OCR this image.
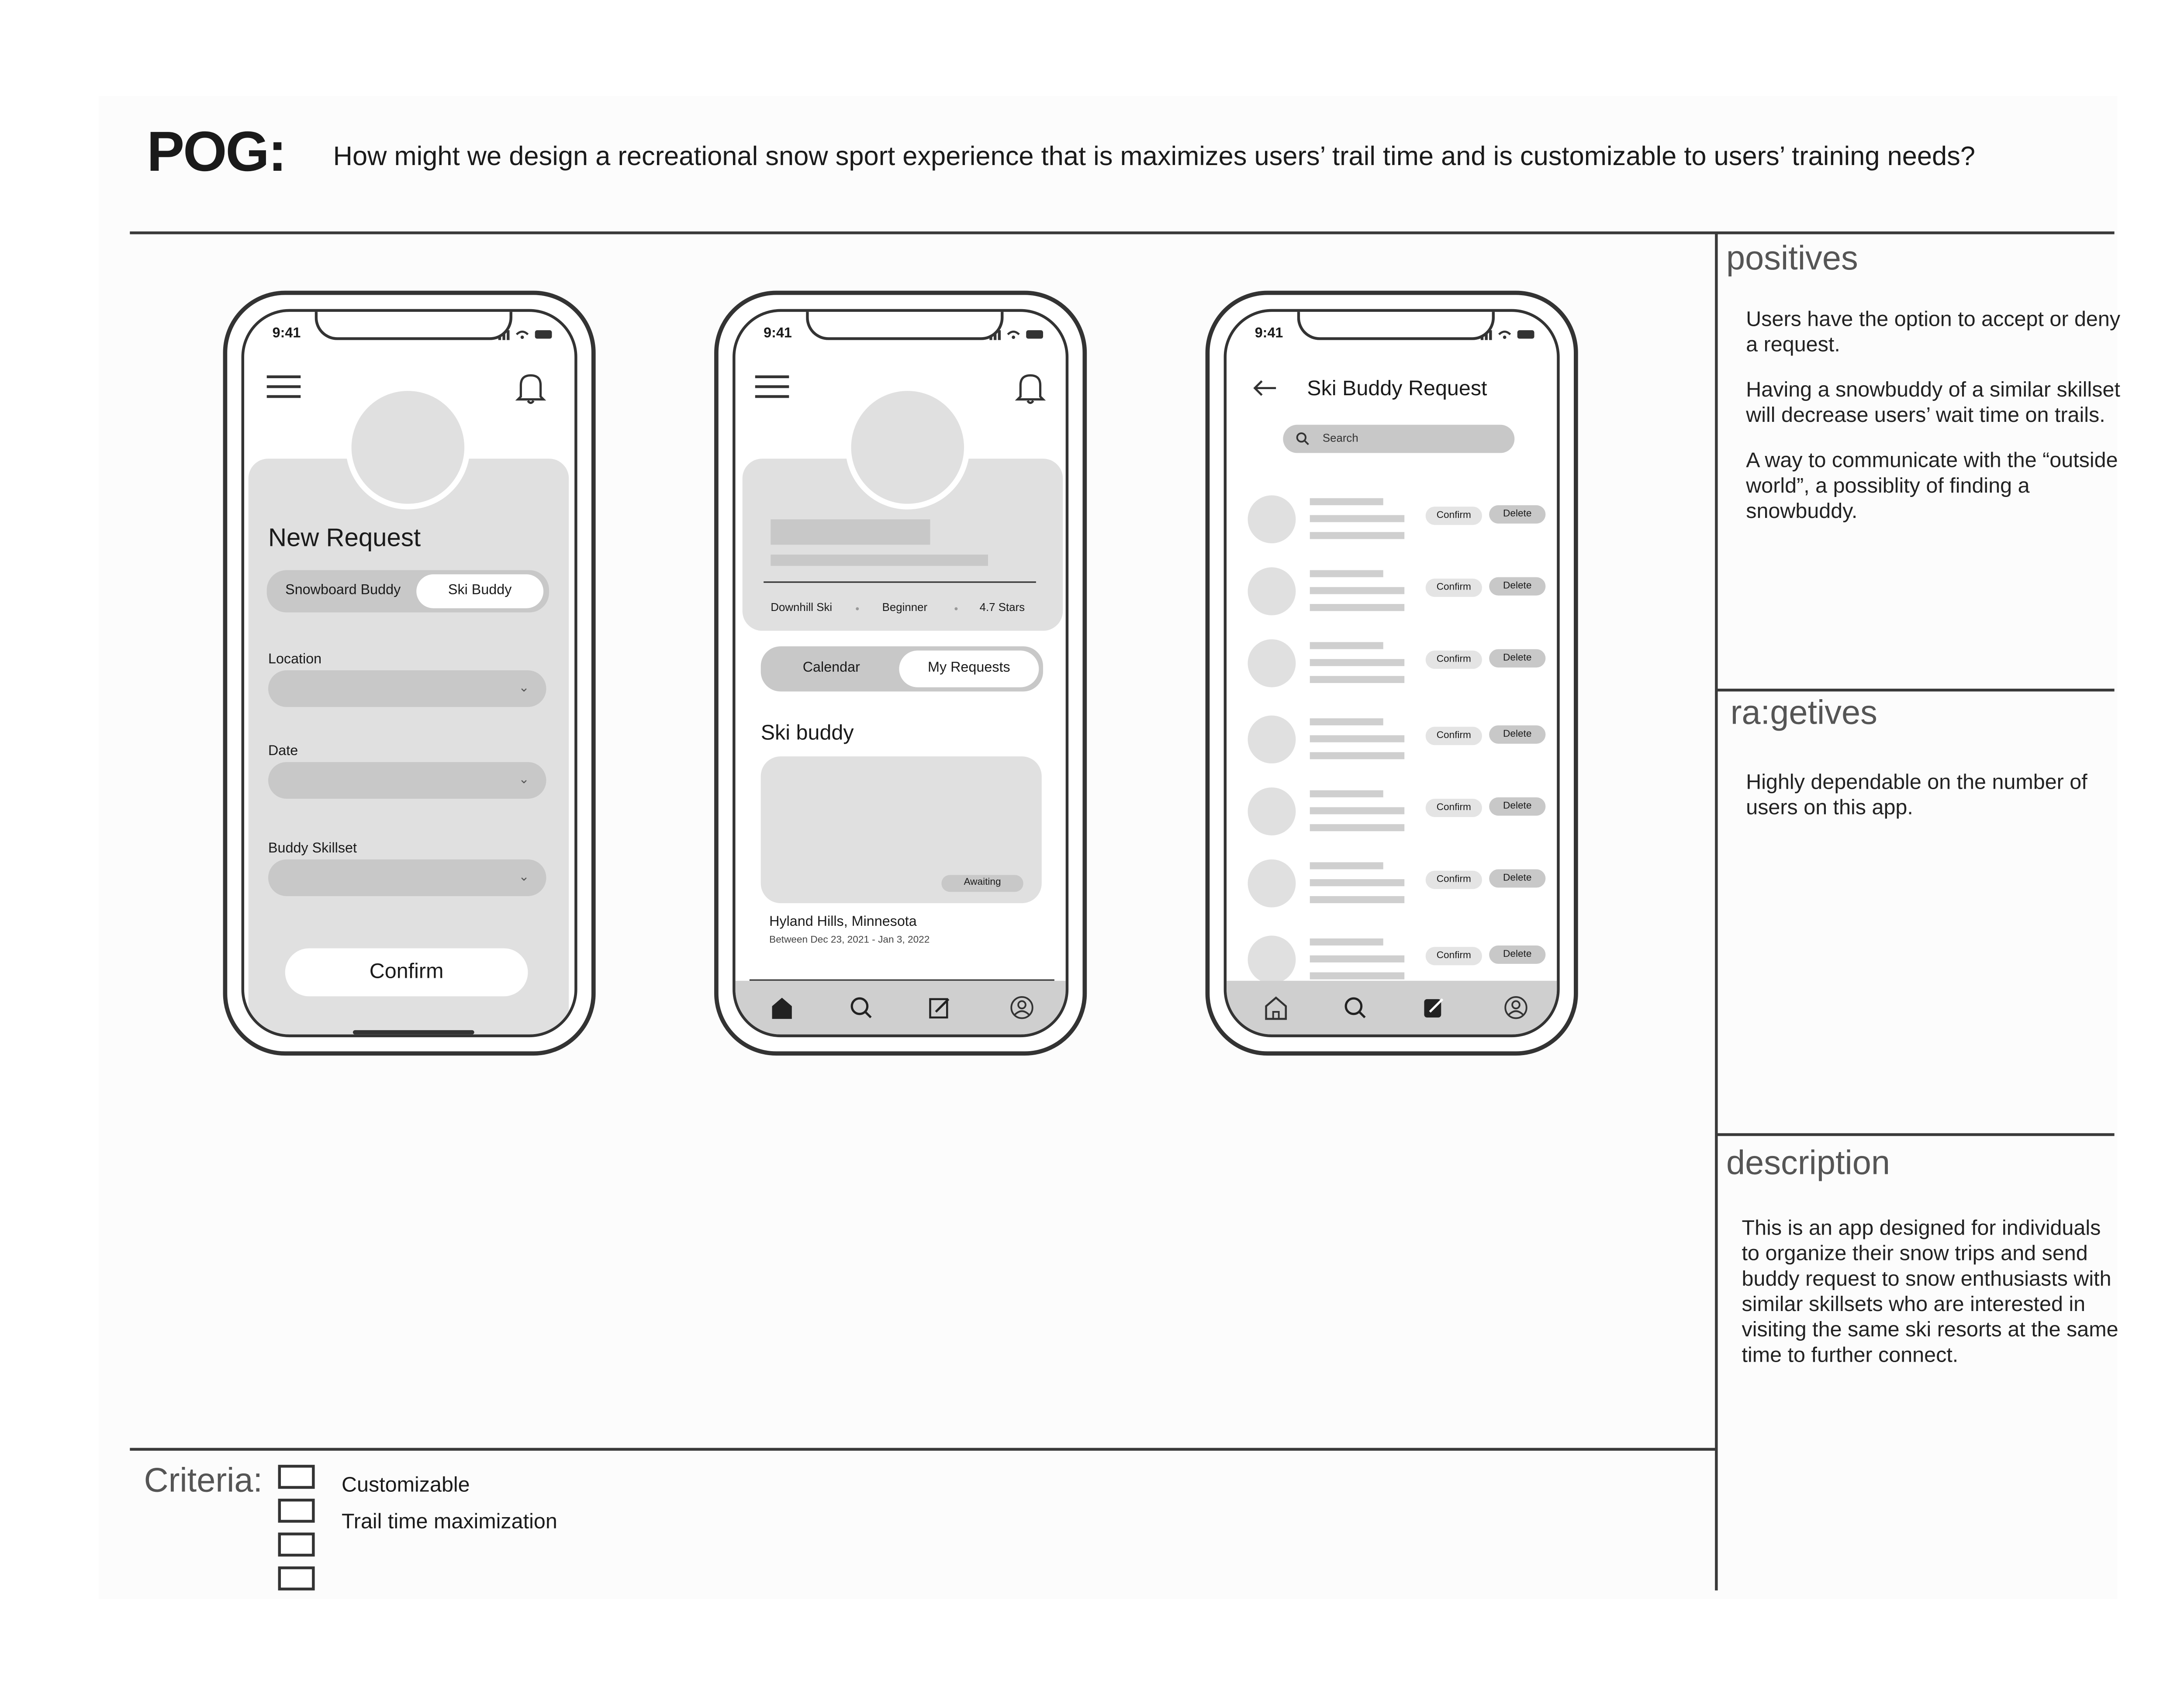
POG:	How might we design a recreational snow sport experience that is maximizes users’ trail time and is customizable to users’ training needs?
positives

Users have the option to accept or deny a request.

Having a snowbuddy of a similar skillset will decrease users’ wait time on trails.

A way to communicate with the “outside world”, a possiblity of finding a snowbuddy.

ra:getives

Highly dependable on the number of users on this app.

description
This is an app designed for individuals to organize their snow trips and send buddy request to snow enthusiasts with similar skillsets who are interested in visiting the same ski resorts at the same time to further connect.
Criteria:	Customizable
Trail time maximization
9:41
New Request
Snowboard Buddy	Ski Buddy
Location
⌄
Date
⌄
Buddy Skillset
⌄
Confirm
9:41
Downhill Ski	•	Beginner	•	4.7 Stars
Calendar	My Requests
Ski buddy
Awaiting
Hyland Hills, Minnesota
Between Dec 23, 2021 - Jan 3, 2022
9:41
Ski Buddy Request
Search
Confirm	Delete
Confirm	Delete
Confirm	Delete
Confirm	Delete
Confirm	Delete
Confirm	Delete
Confirm	Delete
